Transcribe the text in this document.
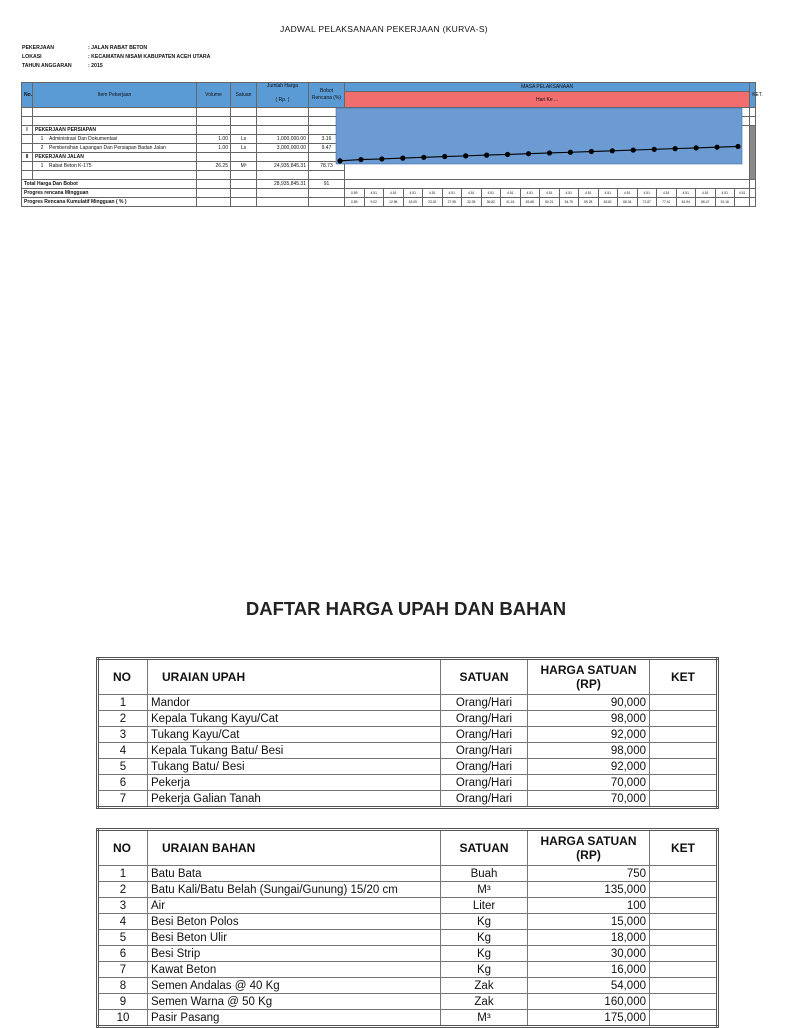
JADWAL PELAKSANAAN PEKERJAAN (KURVA-S)
PEKERJAAN	: JALAN RABAT BETON
LOKASI	: KECAMATAN NISAM KABUPATEN ACEH UTARA
TAHUN ANGGARAN	: 2015
No.	Item Pekerjaan	Volume	Satuan	Jumlah Harga
( Rp. )	Bobot Rencana (%)	MASA PELAKSANAAN																					KET.
						Hari Ke ...																					

I	PEKERJAAN PERSIAPAN																										
	1 Administrasi Dan Dokumentasi	1.00	Ls	1,000,000.00	3.16																						
	2 Pembersihan Lapangan Dan Persiapan Badan Jalan	1.00	Ls	3,000,000.00	9.47																						
II	PEKERJAAN JALAN																										
	1 Rabat Beton K-175	26.25	M³	24,935,845.31	78.73																						

Total Harga Dan Bobot				28,935,845.31	91																						
Progres rencana Mingguan						0.89	4.51	4.51	4.51	4.51	4.51	4.51	4.51	4.51	4.51	4.51	4.51	4.51	4.51	4.51	4.51	4.51	4.51	4.51	4.51	4.51	
Progres Rencana Kumulatif Mingguan ( % )						0.89	9.02	12.96	18.09	23.02	27.95	32.09	36.82	41.15	45.68	50.21	54.75	59.28	63.81	68.34	72.87	77.41	81.94	86.47	91.16		
DAFTAR HARGA UPAH DAN BAHAN
NO	URAIAN UPAH	SATUAN	HARGA SATUAN (RP)	KET
1	Mandor	Orang/Hari	90,000	
2	Kepala Tukang Kayu/Cat	Orang/Hari	98,000	
3	Tukang Kayu/Cat	Orang/Hari	92,000	
4	Kepala Tukang Batu/ Besi	Orang/Hari	98,000	
5	Tukang Batu/ Besi	Orang/Hari	92,000	
6	Pekerja	Orang/Hari	70,000	
7	Pekerja Galian Tanah	Orang/Hari	70,000	
NO	URAIAN BAHAN	SATUAN	HARGA SATUAN (RP)	KET
1	Batu Bata	Buah	750	
2	Batu Kali/Batu Belah (Sungai/Gunung) 15/20 cm	M³	135,000	
3	Air	Liter	100	
4	Besi Beton Polos	Kg	15,000	
5	Besi Beton Ulir	Kg	18,000	
6	Besi Strip	Kg	30,000	
7	Kawat Beton	Kg	16,000	
8	Semen Andalas @ 40 Kg	Zak	54,000	
9	Semen Warna @ 50 Kg	Zak	160,000	
10	Pasir Pasang	M³	175,000	
